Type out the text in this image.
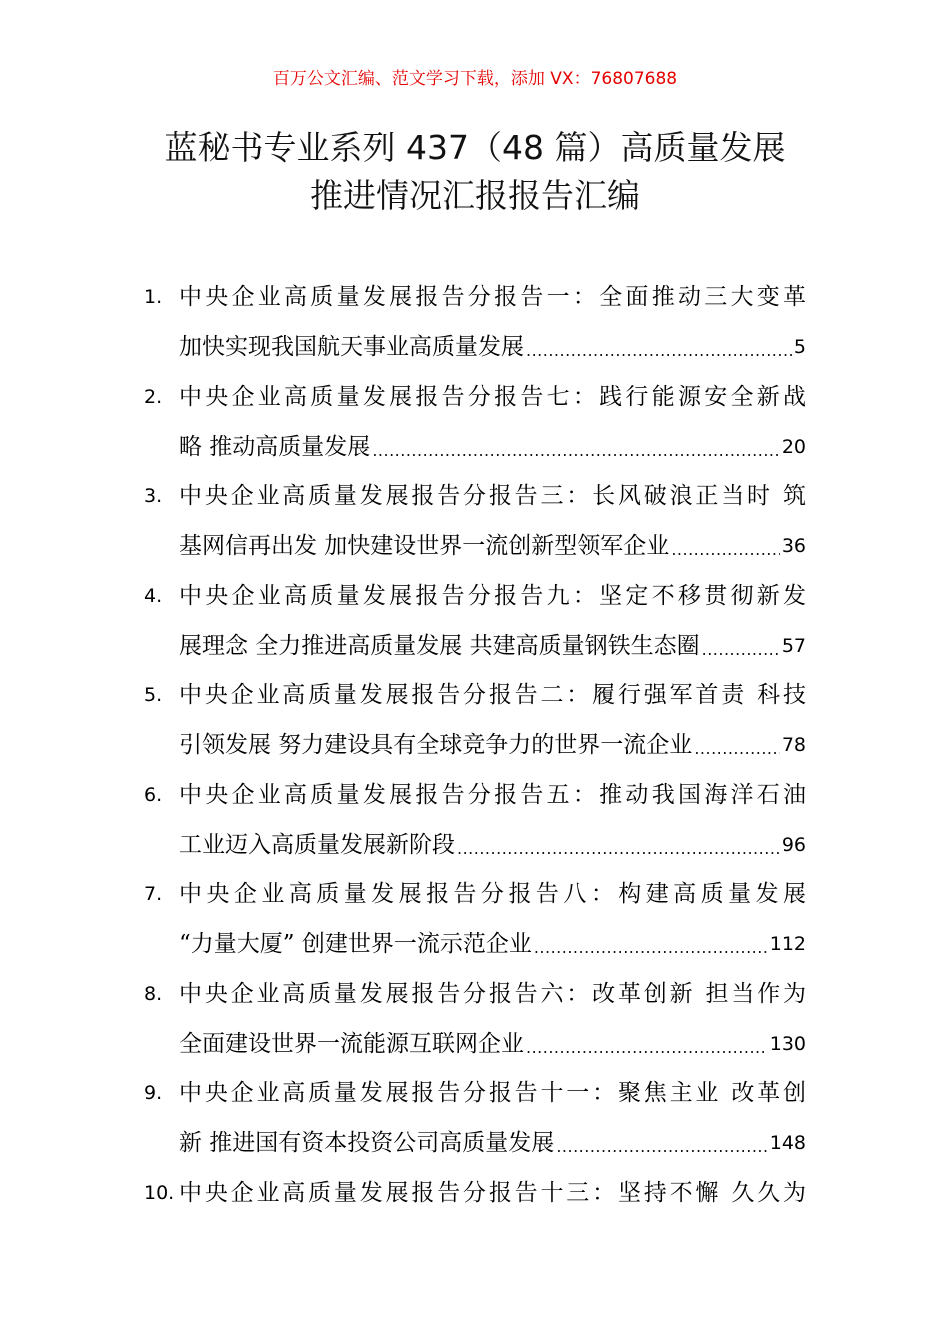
百万公文汇编、范文学习下载，添加 VX：76807688
蓝秘书专业系列 437（48 篇）高质量发展
推进情况汇报报告汇编
1. 中央企业高质量发展报告分报告一：全面推动三大变革
加快实现我国航天事业高质量发展 .....	5
2. 中央企业高质量发展报告分报告七：践行能源安全新战
略 推动高质量发展 .....	20
3. 中央企业高质量发展报告分报告三：长风破浪正当时 筑
基网信再出发 加快建设世界一流创新型领军企业 .....	36
4. 中央企业高质量发展报告分报告九：坚定不移贯彻新发
展理念 全力推进高质量发展 共建高质量钢铁生态圈 .....	57
5. 中央企业高质量发展报告分报告二：履行强军首责 科技
引领发展 努力建设具有全球竞争力的世界一流企业 .....	78
6. 中央企业高质量发展报告分报告五：推动我国海洋石油
工业迈入高质量发展新阶段 .....	96
7. 中央企业高质量发展报告分报告八：构建高质量发展
“力量大厦” 创建世界一流示范企业 .....	112
8. 中央企业高质量发展报告分报告六：改革创新 担当作为
全面建设世界一流能源互联网企业 .....	130
9. 中央企业高质量发展报告分报告十一：聚焦主业 改革创
新 推进国有资本投资公司高质量发展 .....	148
10. 中央企业高质量发展报告分报告十三：坚持不懈 久久为
